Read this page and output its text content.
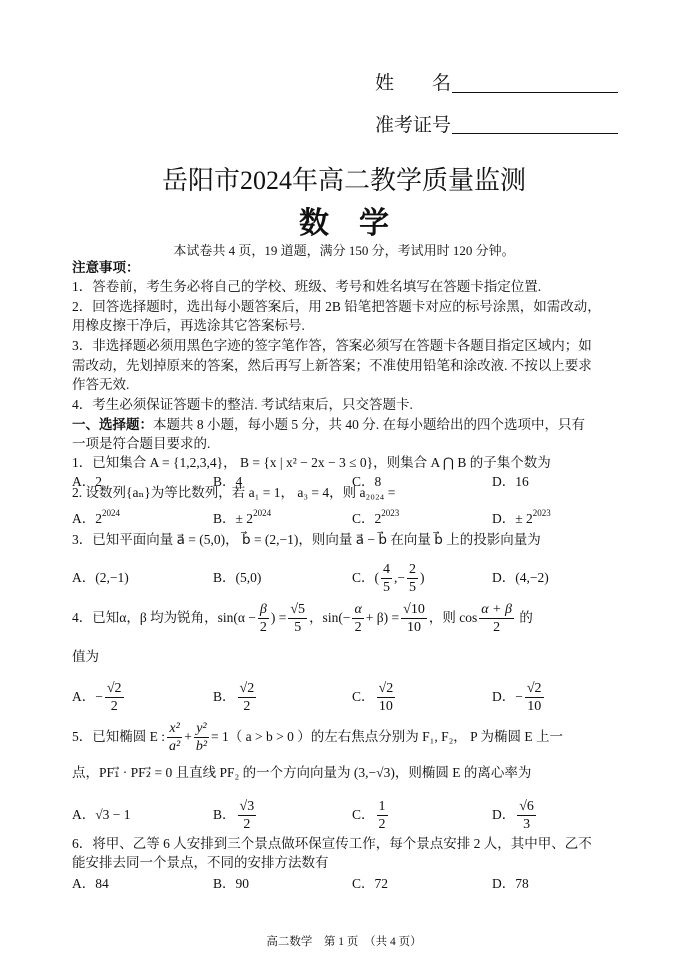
姓　　名
准考证号
岳阳市2024年高二教学质量监测
数　学
本试卷共 4 页，19 道题，满分 150 分，考试用时 120 分钟。
注意事项：
1．答卷前，考生务必将自己的学校、班级、考号和姓名填写在答题卡指定位置.
2．回答选择题时，选出每小题答案后，用 2B 铅笔把答题卡对应的标号涂黑，如需改动，
用橡皮擦干净后，再选涂其它答案标号.
3．非选择题必须用黑色字迹的签字笔作答，答案必须写在答题卡各题目指定区域内；如
需改动，先划掉原来的答案，然后再写上新答案；不准使用铅笔和涂改液. 不按以上要求
作答无效.
4．考生必须保证答题卡的整洁. 考试结束后，只交答题卡.
一、选择题：本题共 8 小题，每小题 5 分，共 40 分. 在每小题给出的四个选项中，只有
一项是符合题目要求的.
1．已知集合 A = {1,2,3,4}， B = {x | x² − 2x − 3 ≤ 0}，则集合 A ⋂ B 的子集个数为
A．2	B．4	C．8	D．16
2. 设数列{aₙ}为等比数列，若 a₁ = 1， a₃ = 4，则 a₂₀₂₄ =
A．$2^{2024}$	B．± $2^{2024}$	C．$2^{2023}$	D．± $2^{2023}$
3．已知平面向量 a⃗ = (5,0)， b⃗ = (2,−1)，则向量 a⃗ − b⃗ 在向量 b⃗ 上的投影向量为
A．(2,−1)	B．(5,0)	C．( $\frac{4}{5}$ ,− $\frac{2}{5}$ )	D．(4,−2)
4．已知α，β 均为锐角，$\sin(\alpha - \frac{\beta}{2}$ ) = $\frac{√5}{5}$ ，$\sin(- \frac{\alpha}{2} + \beta) = \frac{√10}{10}$ ，则 $\cos \frac{\alpha + \beta}{2}$ 的
值为
A．− $\frac{√2}{2}$	B． $\frac{√2}{2}$	C． $\frac{√2}{10}$	D．− $\frac{√2}{10}$
5．已知椭圆 E : $\frac{\text{x²}}{\text{a²}} + \frac{\text{y²}}{\text{b²}} = 1$（ a > b > 0 ）的左右焦点分别为 F₁, F₂， P 为椭圆 E 上一
点，PF₁⃗ · PF₂⃗ = 0 且直线 PF₂ 的一个方向向量为 (3,−√3)，则椭圆 E 的离心率为
A．√3 − 1	B． $\frac{√3}{2}$	C． $\frac{1}{2}$	D． $\frac{√6}{3}$
6．将甲、乙等 6 人安排到三个景点做环保宣传工作，每个景点安排 2 人，其中甲、乙不
能安排去同一个景点，不同的安排方法数有
A．84	B．90	C．72	D．78
高二数学　第 1 页　（共 4 页）
